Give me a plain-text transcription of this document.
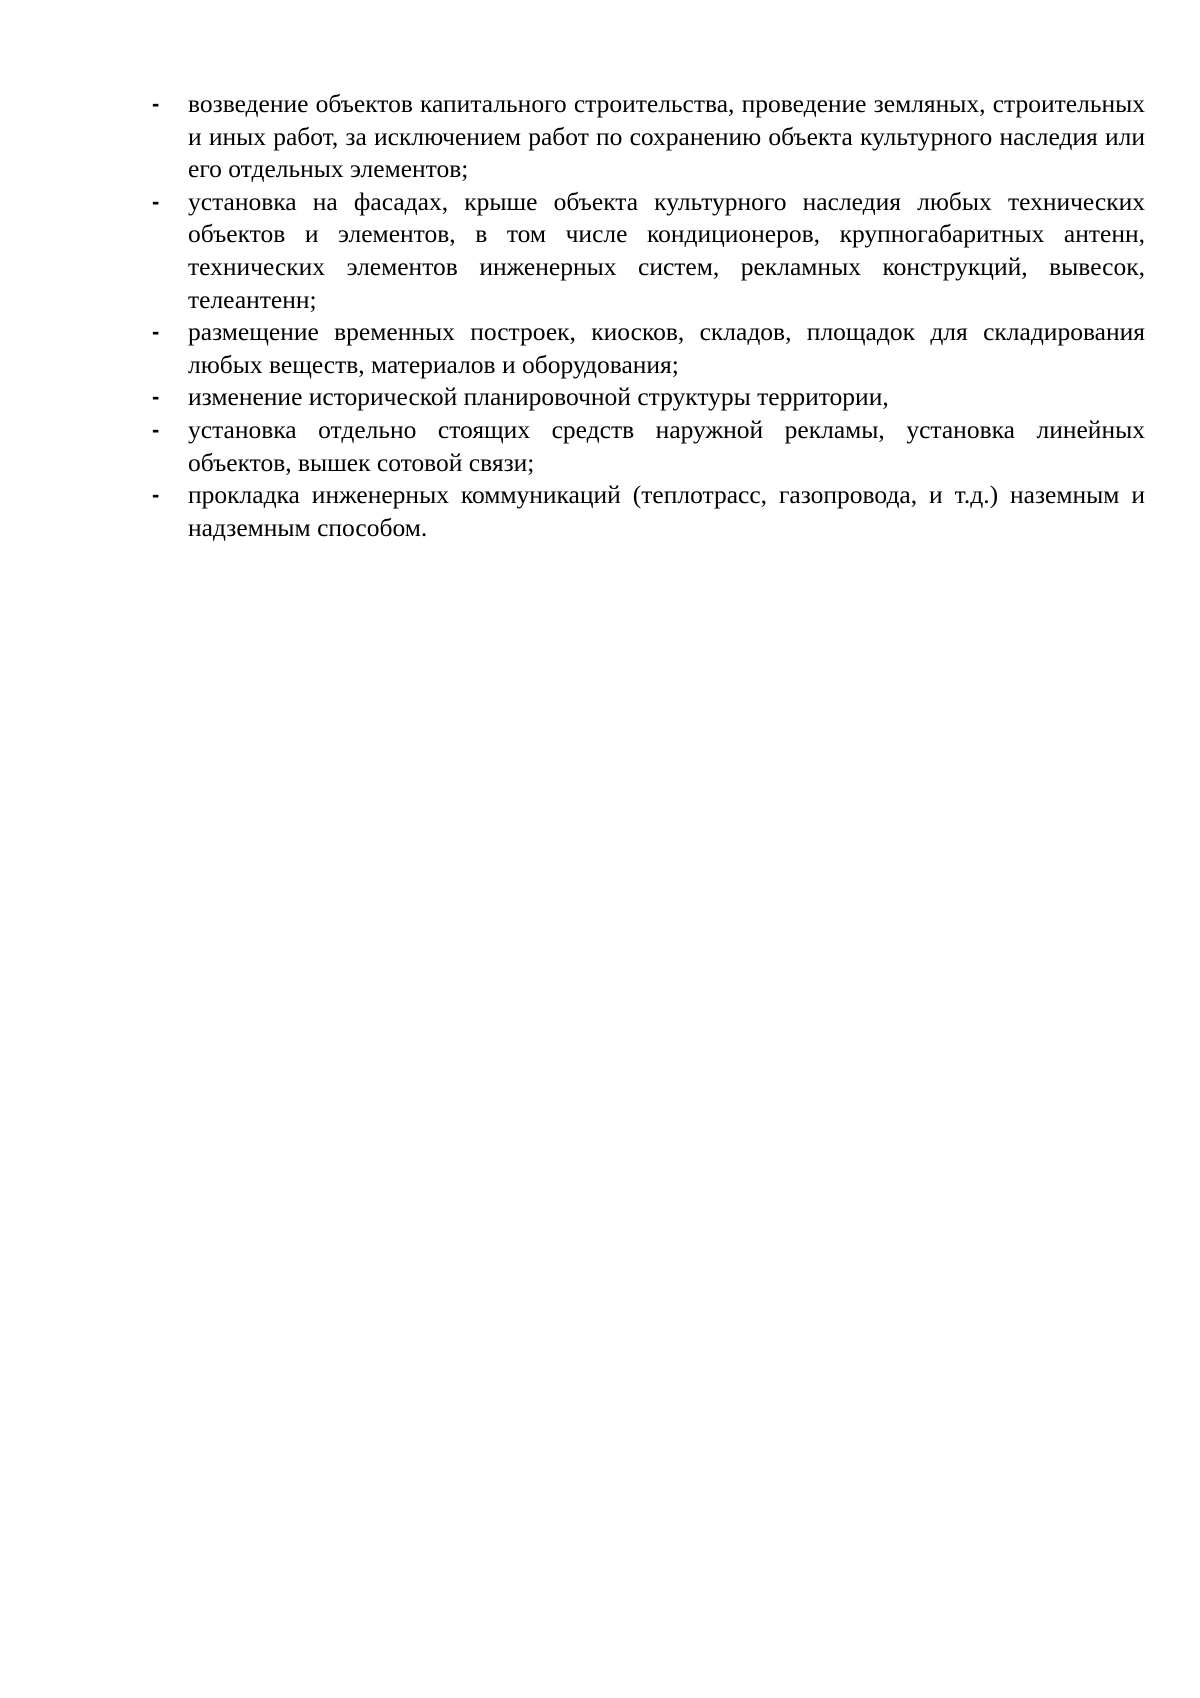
- возведение объектов капитального строительства, проведение земляных, строительных и иных работ, за исключением работ по сохранению объекта культурного наследия или его отдельных элементов;
- установка на фасадах, крыше объекта культурного наследия любых технических объектов и элементов, в том числе кондиционеров, крупногабаритных антенн, технических элементов инженерных систем, рекламных конструкций, вывесок, телеантенн;
- размещение временных построек, киосков, складов, площадок для складирования любых веществ, материалов и оборудования;
- изменение исторической планировочной структуры территории,
- установка отдельно стоящих средств наружной рекламы, установка линейных объектов, вышек сотовой связи;
- прокладка инженерных коммуникаций (теплотрасс, газопровода, и т.д.) наземным и надземным способом.
